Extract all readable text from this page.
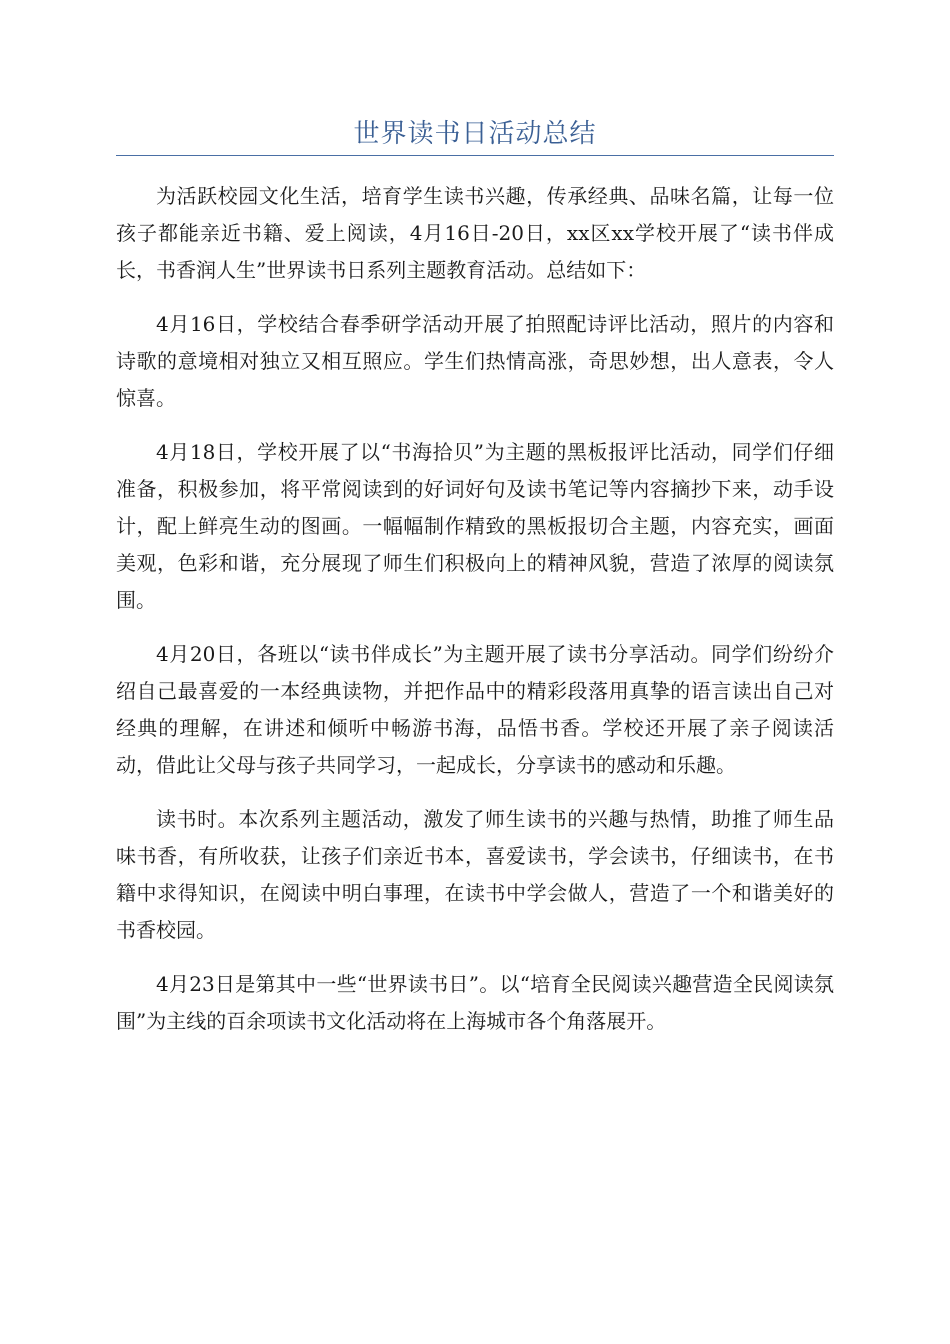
世界读书日活动总结

为活跃校园文化生活，培育学生读书兴趣，传承经典、品味名篇，让每一位孩子都能亲近书籍、爱上阅读，4月16日-20日，xx区xx学校开展了“读书伴成长，书香润人生”世界读书日系列主题教育活动。总结如下：

4月16日，学校结合春季研学活动开展了拍照配诗评比活动，照片的内容和诗歌的意境相对独立又相互照应。学生们热情高涨，奇思妙想，出人意表，令人惊喜。

4月18日，学校开展了以“书海拾贝”为主题的黑板报评比活动，同学们仔细准备，积极参加，将平常阅读到的好词好句及读书笔记等内容摘抄下来，动手设计，配上鲜亮生动的图画。一幅幅制作精致的黑板报切合主题，内容充实，画面美观，色彩和谐，充分展现了师生们积极向上的精神风貌，营造了浓厚的阅读氛围。

4月20日，各班以“读书伴成长”为主题开展了读书分享活动。同学们纷纷介绍自己最喜爱的一本经典读物，并把作品中的精彩段落用真挚的语言读出自己对经典的理解，在讲述和倾听中畅游书海，品悟书香。学校还开展了亲子阅读活动，借此让父母与孩子共同学习，一起成长，分享读书的感动和乐趣。

读书时。本次系列主题活动，激发了师生读书的兴趣与热情，助推了师生品味书香，有所收获，让孩子们亲近书本，喜爱读书，学会读书，仔细读书，在书籍中求得知识，在阅读中明白事理，在读书中学会做人，营造了一个和谐美好的书香校园。

4月23日是第其中一些“世界读书日”。以“培育全民阅读兴趣营造全民阅读氛围”为主线的百余项读书文化活动将在上海城市各个角落展开。
